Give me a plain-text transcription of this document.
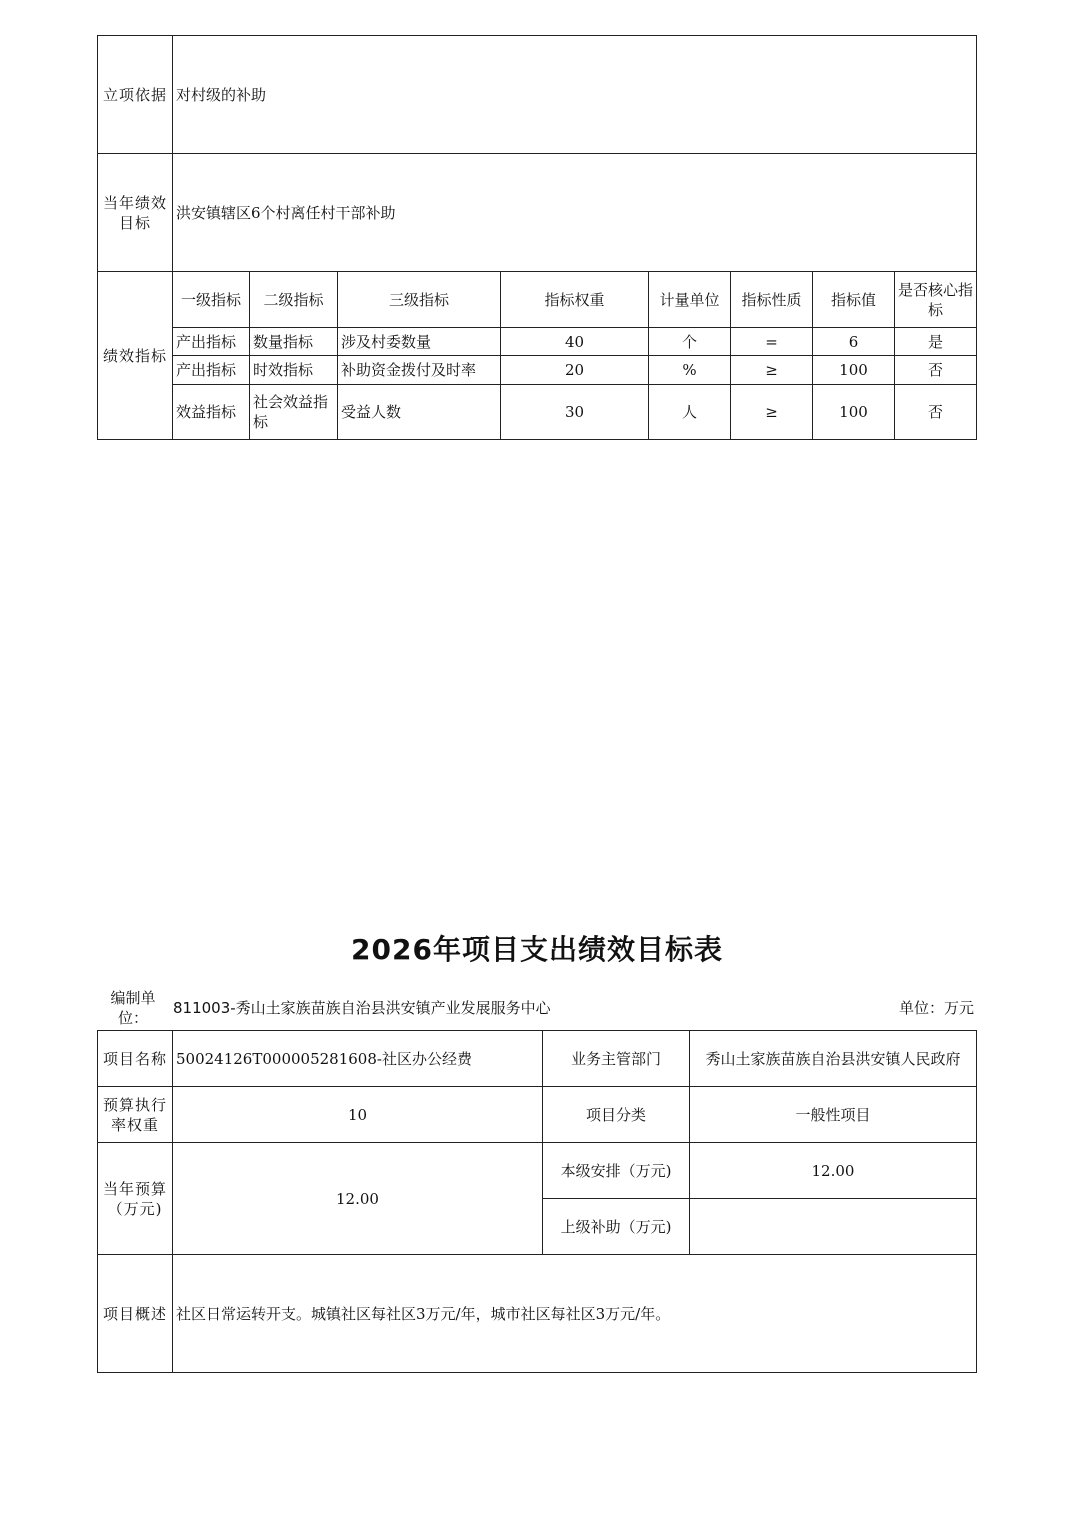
立项依据	对村级的补助							
当年绩效目标	洪安镇辖区6个村离任村干部补助							
绩效指标	一级指标	二级指标	三级指标	指标权重	计量单位	指标性质	指标值	是否核心指标
	产出指标	数量指标	涉及村委数量	40	个	=	6	是
	产出指标	时效指标	补助资金拨付及时率	20	%	≥	100	否
	效益指标	社会效益指标	受益人数	30	人	≥	100	否
2026年项目支出绩效目标表
编制单位：
811003-秀山土家族苗族自治县洪安镇产业发展服务中心	单位：万元
项目名称	50024126T000005281608-社区办公经费	业务主管部门	秀山土家族苗族自治县洪安镇人民政府
预算执行率权重	10	项目分类	一般性项目
当年预算（万元)	12.00	本级安排（万元)	12.00
		上级补助（万元)	
项目概述	社区日常运转开支。城镇社区每社区3万元/年，城市社区每社区3万元/年。		
